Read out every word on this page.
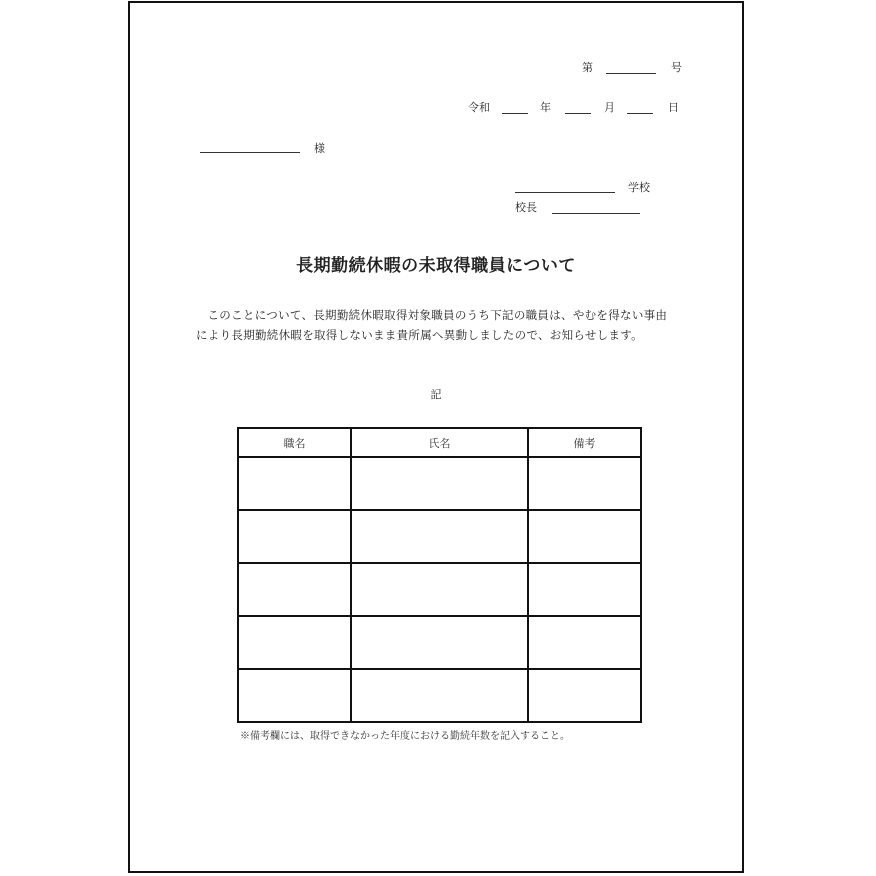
第	号
令和	年	月	日
様
学校
校長
長期勤続休暇の未取得職員について
このことについて、長期勤続休暇取得対象職員のうち下記の職員は、やむを得ない事由により長期勤続休暇を取得しないまま貴所属へ異動しましたので、お知らせします。
記
職名	氏名	備考

※備考欄には、取得できなかった年度における勤続年数を記入すること。
